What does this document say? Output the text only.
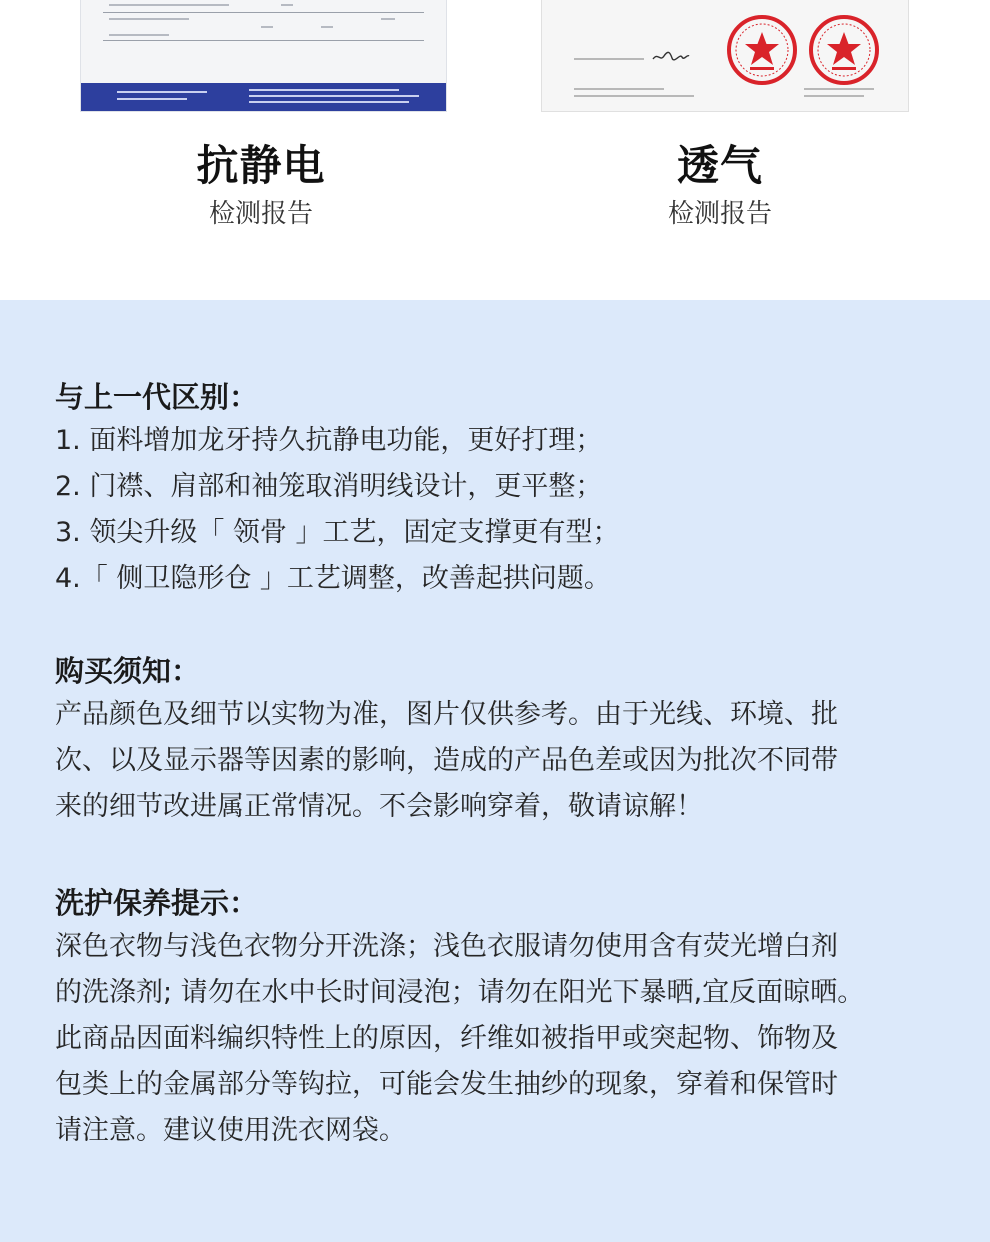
抗静电
检测报告
透气
检测报告
与上一代区别：
1. 面料增加龙牙持久抗静电功能，更好打理；
2. 门襟、肩部和袖笼取消明线设计，更平整；
3. 领尖升级「 领骨 」工艺，固定支撑更有型；
4.「 侧卫隐形仓 」工艺调整，改善起拱问题。
购买须知：
产品颜色及细节以实物为准，图片仅供参考。由于光线、环境、批
次、以及显示器等因素的影响，造成的产品色差或因为批次不同带
来的细节改进属正常情况。不会影响穿着，敬请谅解！
洗护保养提示：
深色衣物与浅色衣物分开洗涤；浅色衣服请勿使用含有荧光增白剂
的洗涤剂; 请勿在水中长时间浸泡；请勿在阳光下暴晒,宜反面晾晒。
此商品因面料编织特性上的原因，纤维如被指甲或突起物、饰物及
包类上的金属部分等钩拉，可能会发生抽纱的现象，穿着和保管时
请注意。建议使用洗衣网袋。
